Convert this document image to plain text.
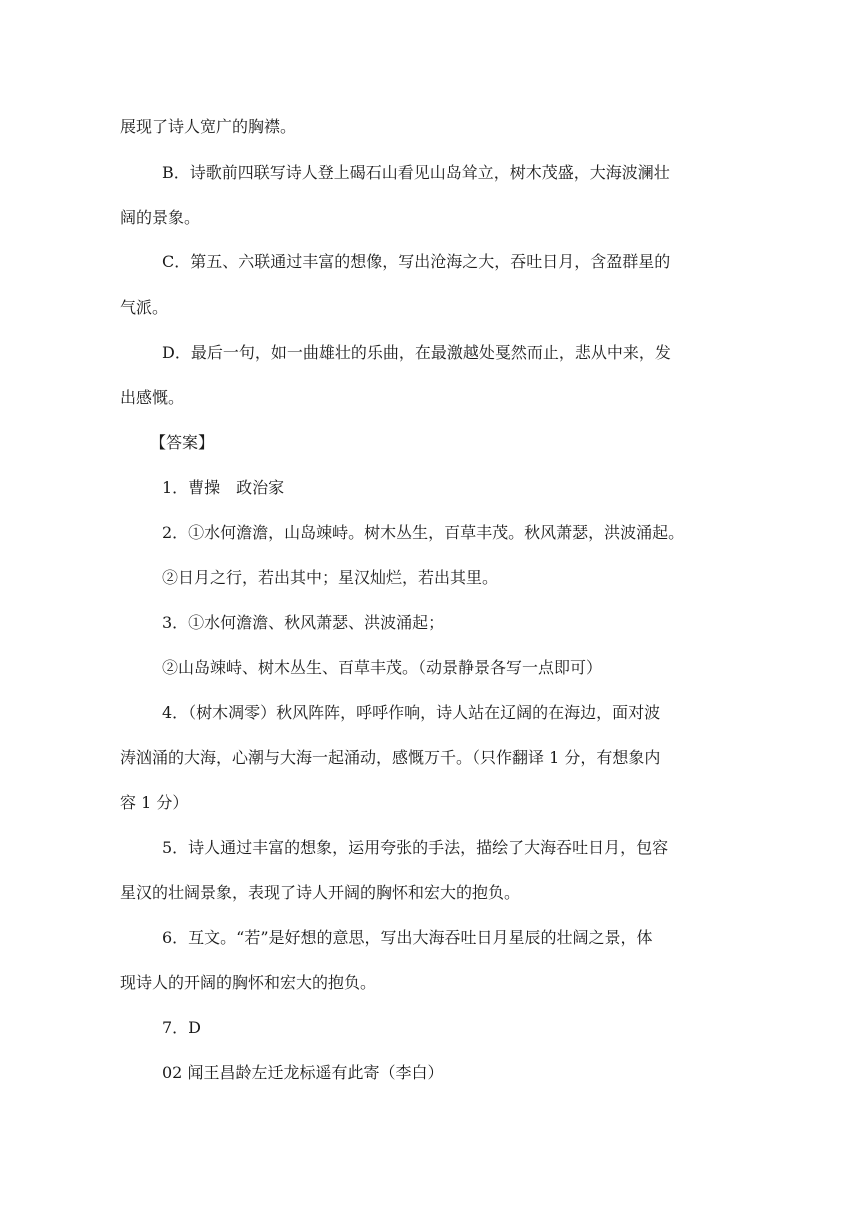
展现了诗人宽广的胸襟。
B．诗歌前四联写诗人登上碣石山看见山岛耸立，树木茂盛，大海波澜壮
阔的景象。
C．第五、六联通过丰富的想像，写出沧海之大，吞吐日月，含盈群星的
气派。
D．最后一句，如一曲雄壮的乐曲，在最激越处戛然而止，悲从中来，发
出感慨。
【答案】
1．曹操　政治家
2．①水何澹澹，山岛竦峙。树木丛生，百草丰茂。秋风萧瑟，洪波涌起。
②日月之行，若出其中；星汉灿烂，若出其里。
3．①水何澹澹、秋风萧瑟、洪波涌起；
②山岛竦峙、树木丛生、百草丰茂。（动景静景各写一点即可）
4．（树木凋零）秋风阵阵，呼呼作响，诗人站在辽阔的在海边，面对波
涛汹涌的大海，心潮与大海一起涌动，感慨万千。（只作翻译 1 分，有想象内
容 1 分）
5．诗人通过丰富的想象，运用夸张的手法，描绘了大海吞吐日月，包容
星汉的壮阔景象，表现了诗人开阔的胸怀和宏大的抱负。
6．互文。“若”是好想的意思，写出大海吞吐日月星辰的壮阔之景，体
现诗人的开阔的胸怀和宏大的抱负。
7．D
02 闻王昌龄左迁龙标遥有此寄（李白）
